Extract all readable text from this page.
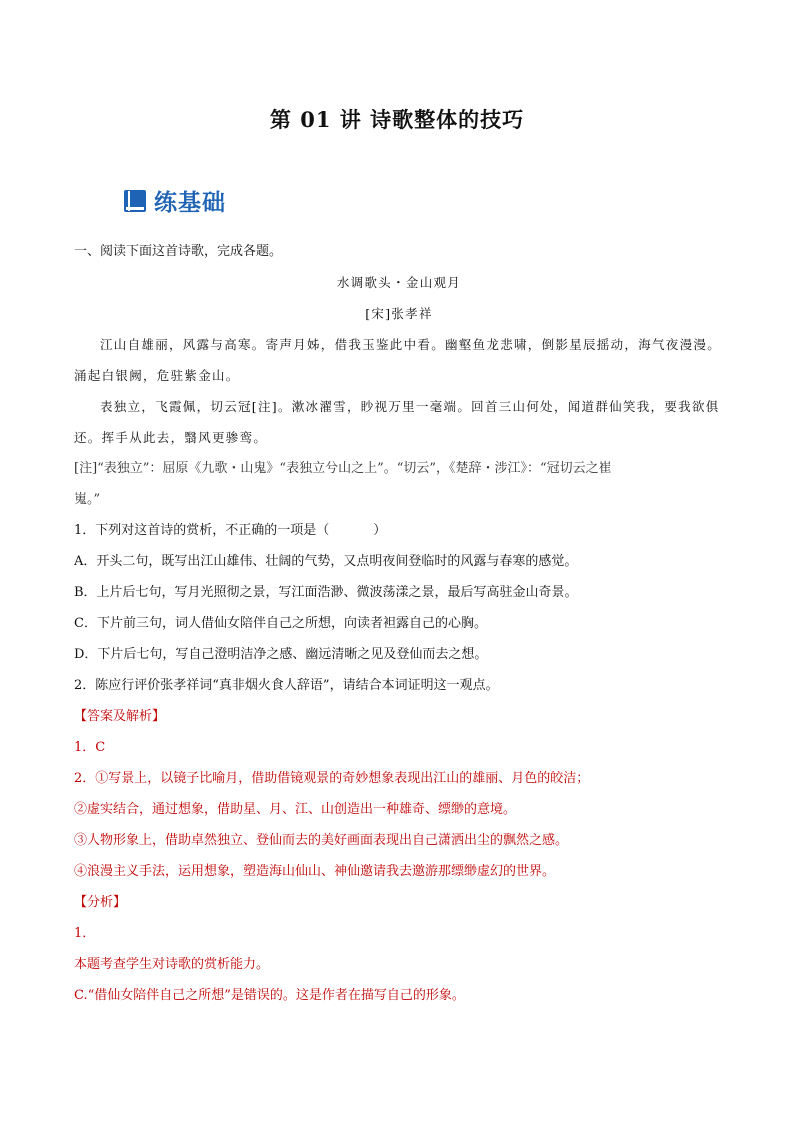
第 01 讲 诗歌整体的技巧
练基础

一、阅读下面这首诗歌，完成各题。

水调歌头・金山观月

[宋]张孝祥

江山自雄丽，风露与高寒。寄声月姊，借我玉鉴此中看。幽壑鱼龙悲啸，倒影星辰摇动，海气夜漫漫。

涌起白银阙，危驻紫金山。

表独立，飞霞佩，切云冠[注]。漱冰濯雪，眇视万里一毫端。回首三山何处，闻道群仙笑我，要我欲俱

还。挥手从此去，翳风更骖鸾。

[注]“表独立”：屈原《九歌・山鬼》“表独立兮山之上”。“切云”，《楚辞・涉江》：“冠切云之崔

嵬。”

1．下列对这首诗的赏析，不正确的一项是（	）

A．开头二句，既写出江山雄伟、壮阔的气势，又点明夜间登临时的风露与春寒的感觉。

B．上片后七句，写月光照彻之景，写江面浩渺、微波荡漾之景，最后写高驻金山奇景。

C．下片前三句，词人借仙女陪伴自己之所想，向读者袒露自己的心胸。

D．下片后七句，写自己澄明洁净之感、幽远清晰之见及登仙而去之想。

2．陈应行评价张孝祥词“真非烟火食人辞语”，请结合本词证明这一观点。

【答案及解析】

1．C

2．①写景上，以镜子比喻月，借助借镜观景的奇妙想象表现出江山的雄丽、月色的皎洁；

②虚实结合，通过想象，借助星、月、江、山创造出一种雄奇、缥缈的意境。

③人物形象上，借助卓然独立、登仙而去的美好画面表现出自己潇洒出尘的飘然之感。

④浪漫主义手法，运用想象，塑造海山仙山、神仙邀请我去邀游那缥缈虚幻的世界。

【分析】

1．

本题考查学生对诗歌的赏析能力。

C.“借仙女陪伴自己之所想”是错误的。这是作者在描写自己的形象。
